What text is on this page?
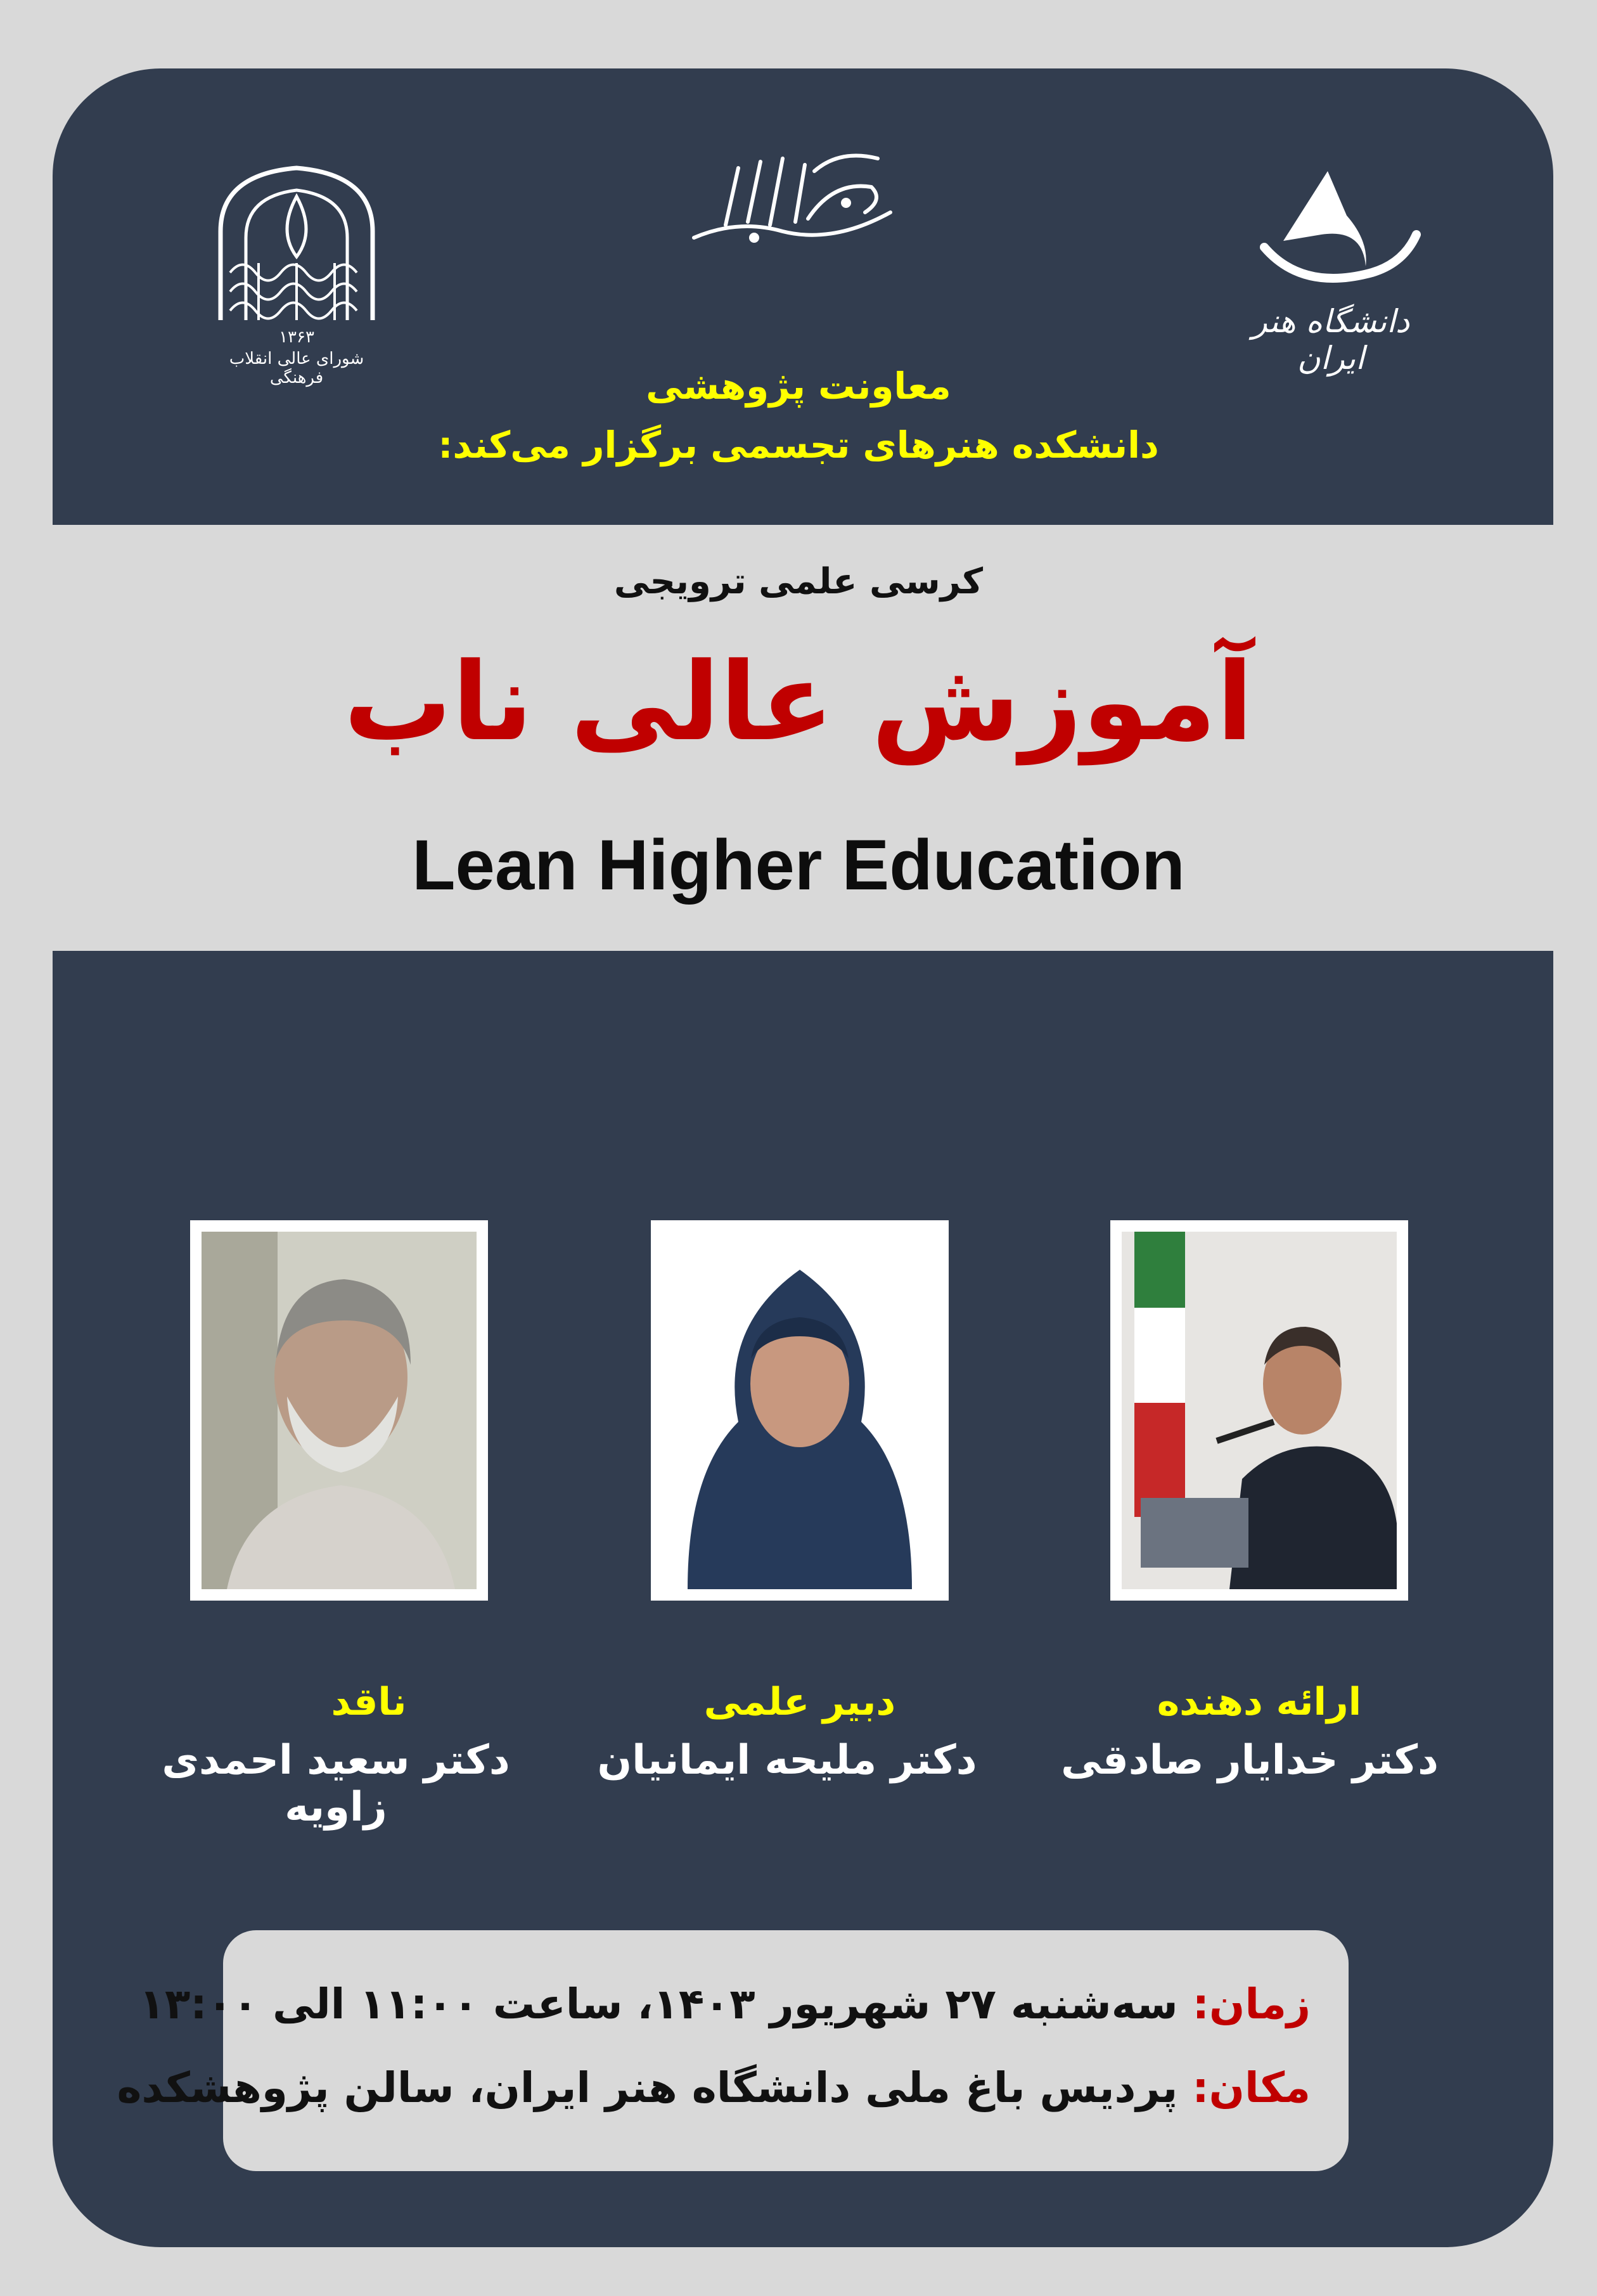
۱۳۶۳
شورای عالی انقلاب فرهنگی
دانشگاه هنر ایران
معاونت پژوهشی
دانشکده هنرهای تجسمی برگزار می‌کند:
کرسی علمی ترویجی
آموزش عالی ناب
Lean Higher Education
ناقد
دکتر سعید احمدی زاویه
دبیر علمی
دکتر ملیحه ایمانیان
ارائه دهنده
دکتر خدایار صادقی
زمان: سه‌شنبه ۲۷ شهریور ۱۴۰۳، ساعت ۱۱:۰۰ الی ۱۳:۰۰
مکان: پردیس باغ ملی دانشگاه هنر ایران، سالن پژوهشکده
